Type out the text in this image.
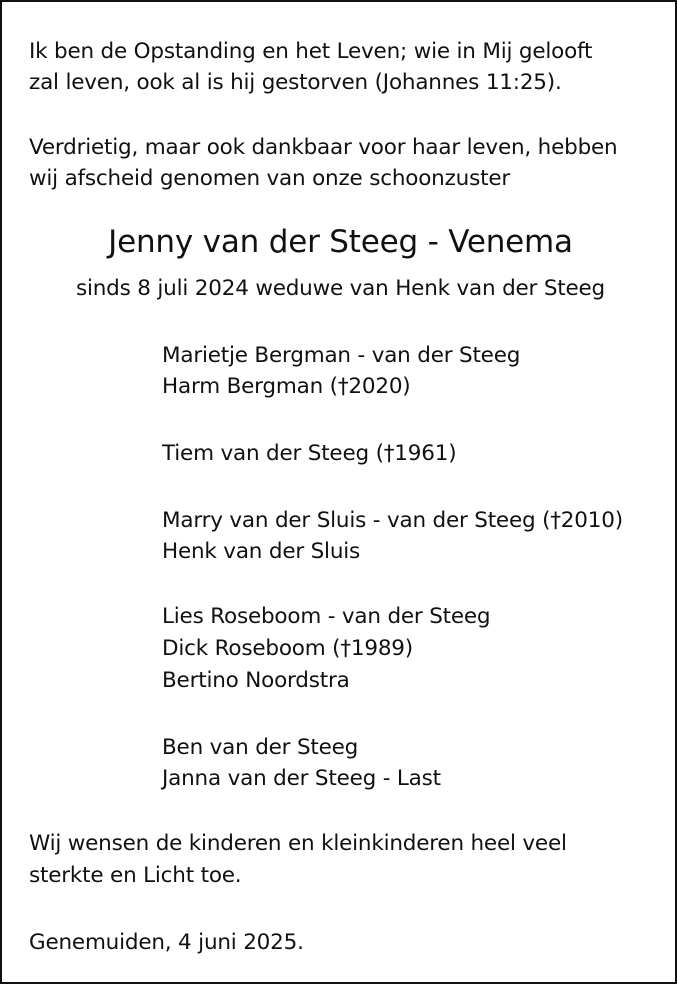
Ik ben de Opstanding en het Leven; wie in Mij gelooft
zal leven, ook al is hij gestorven (Johannes 11:25).
Verdrietig, maar ook dankbaar voor haar leven, hebben
wij afscheid genomen van onze schoonzuster
Jenny van der Steeg - Venema
sinds 8 juli 2024 weduwe van Henk van der Steeg
Marietje Bergman - van der Steeg
Harm Bergman (†2020)
Tiem van der Steeg (†1961)
Marry van der Sluis - van der Steeg (†2010)
Henk van der Sluis
Lies Roseboom - van der Steeg
Dick Roseboom (†1989)
Bertino Noordstra
Ben van der Steeg
Janna van der Steeg - Last
Wij wensen de kinderen en kleinkinderen heel veel
sterkte en Licht toe.
Genemuiden, 4 juni 2025.
